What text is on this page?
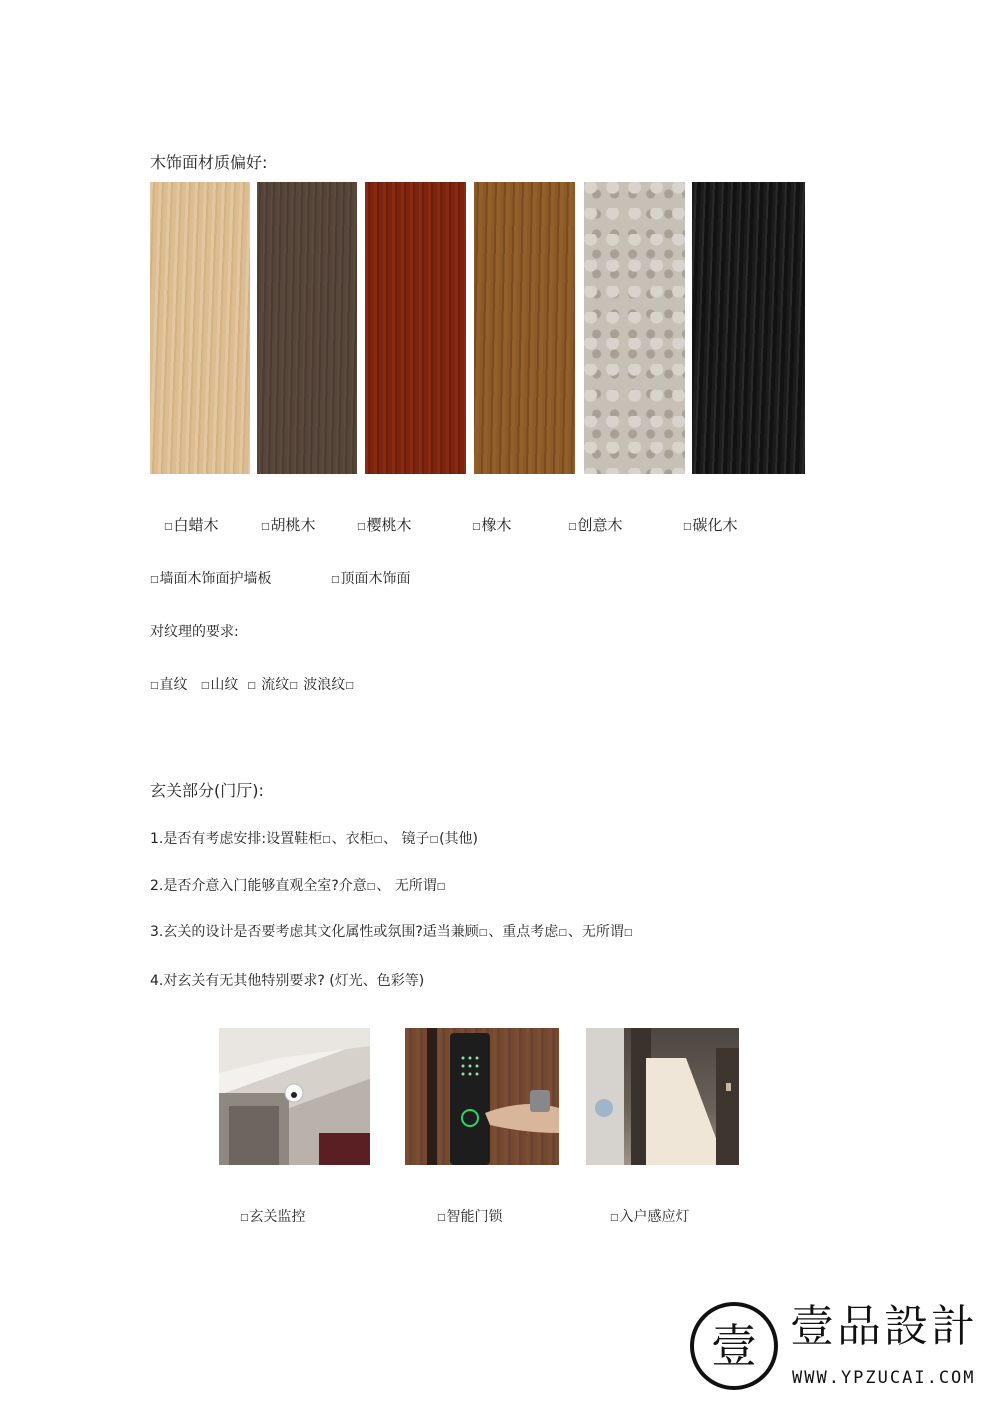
木饰面材质偏好:
□白蜡木	□胡桃木	□樱桃木	□橡木	□创意木	□碳化木
□墙面木饰面护墙板	□顶面木饰面
对纹理的要求:
□直纹 □山纹 □ 流纹□ 波浪纹□
玄关部分(门厅):
1.是否有考虑安排:设置鞋柜□、衣柜□、 镜子□(其他)
2.是否介意入门能够直观全室?介意□、 无所谓□
3.玄关的设计是否要考虑其文化属性或氛围?适当兼顾□、重点考虑□、无所谓□
4.对玄关有无其他特别要求? (灯光、色彩等)
□玄关监控	□智能门锁	□入户感应灯
壹 壹品設計
WWW.YPZUCAI.COM
